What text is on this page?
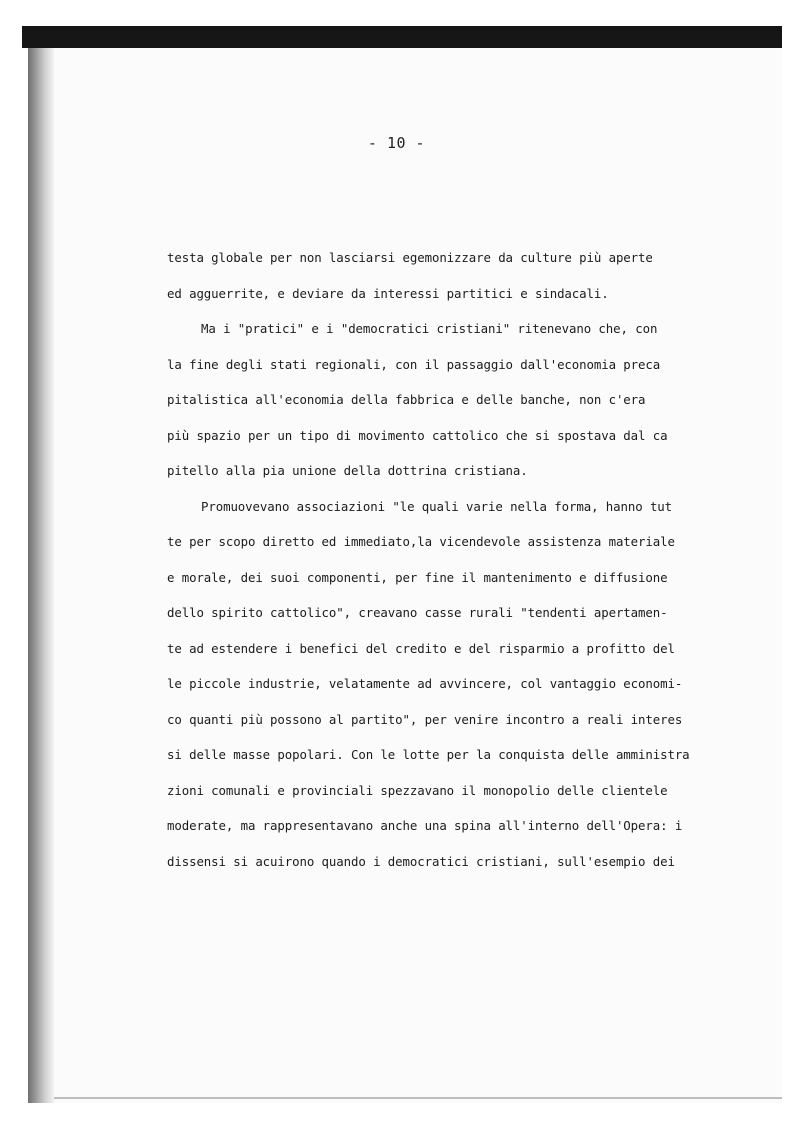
- 10 -
testa globale per non lasciarsi egemonizzare da culture più aperte
ed agguerrite, e deviare da interessi partitici e sindacali.
Ma i "pratici" e i "democratici cristiani" ritenevano che, con
la fine degli stati regionali, con il passaggio dall'economia preca
pitalistica all'economia della fabbrica e delle banche, non c'era
più spazio per un tipo di movimento cattolico che si spostava dal ca
pitello alla pia unione della dottrina cristiana.
Promuovevano associazioni "le quali varie nella forma, hanno tut
te per scopo diretto ed immediato,la vicendevole assistenza materiale
e morale, dei suoi componenti, per fine il mantenimento e diffusione
dello spirito cattolico", creavano casse rurali "tendenti apertamen-
te ad estendere i benefici del credito e del risparmio a profitto del
le piccole industrie, velatamente ad avvincere, col vantaggio economi-
co quanti più possono al partito", per venire incontro a reali interes
si delle masse popolari. Con le lotte per la conquista delle amministra
zioni comunali e provinciali spezzavano il monopolio delle clientele
moderate, ma rappresentavano anche una spina all'interno dell'Opera: i
dissensi si acuirono quando i democratici cristiani, sull'esempio dei
